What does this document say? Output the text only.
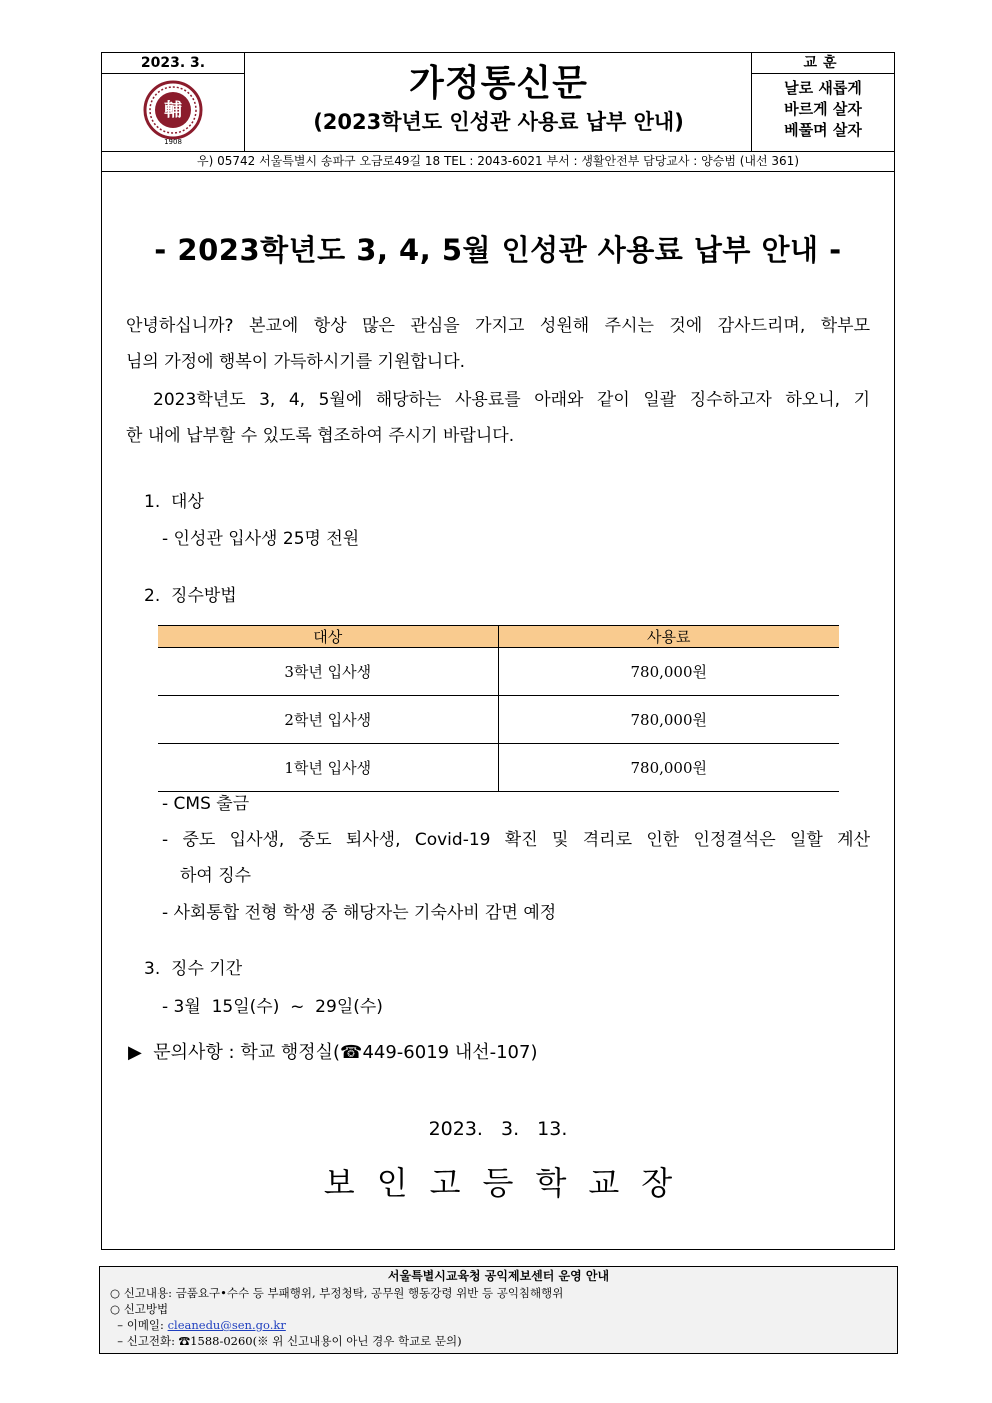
2023. 3.
輔
1908
가정통신문
(2023학년도 인성관 사용료 납부 안내)
교훈
날로 새롭게
바르게 살자
베풀며 살자
우) 05742 서울특별시 송파구 오금로49길 18 TEL : 2043-6021 부서 : 생활안전부 담당교사 : 양승범 (내선 361)
- 2023학년도 3, 4, 5월 인성관 사용료 납부 안내 -
안녕하십니까? 본교에 항상 많은 관심을 가지고 성원해 주시는 것에 감사드리며, 학부모
님의 가정에 행복이 가득하시기를 기원합니다.
2023학년도 3, 4, 5월에 해당하는 사용료를 아래와 같이 일괄 징수하고자 하오니, 기
한 내에 납부할 수 있도록 협조하여 주시기 바랍니다.
1.  대상
- 인성관 입사생 25명 전원
2.  징수방법
대상	사용료
3학년 입사생	780,000원
2학년 입사생	780,000원
1학년 입사생	780,000원
- CMS 출금
- 중도 입사생, 중도 퇴사생, Covid-19 확진 및 격리로 인한 인정결석은 일할 계산
하여 징수
- 사회통합 전형 학생 중 해당자는 기숙사비 감면 예정
3.  징수 기간
- 3월  15일(수)  ~  29일(수)
▶  문의사항 : 학교 행정실(☎449-6019 내선-107)
2023. 3. 13.
보인고등학교장
서울특별시교육청 공익제보센터 운영 안내
○ 신고내용: 금품요구•수수 등 부패행위, 부정청탁, 공무원 행동강령 위반 등 공익침해행위
○ 신고방법
– 이메일: cleanedu@sen.go.kr
– 신고전화: ☎1588-0260(※ 위 신고내용이 아닌 경우 학교로 문의)
